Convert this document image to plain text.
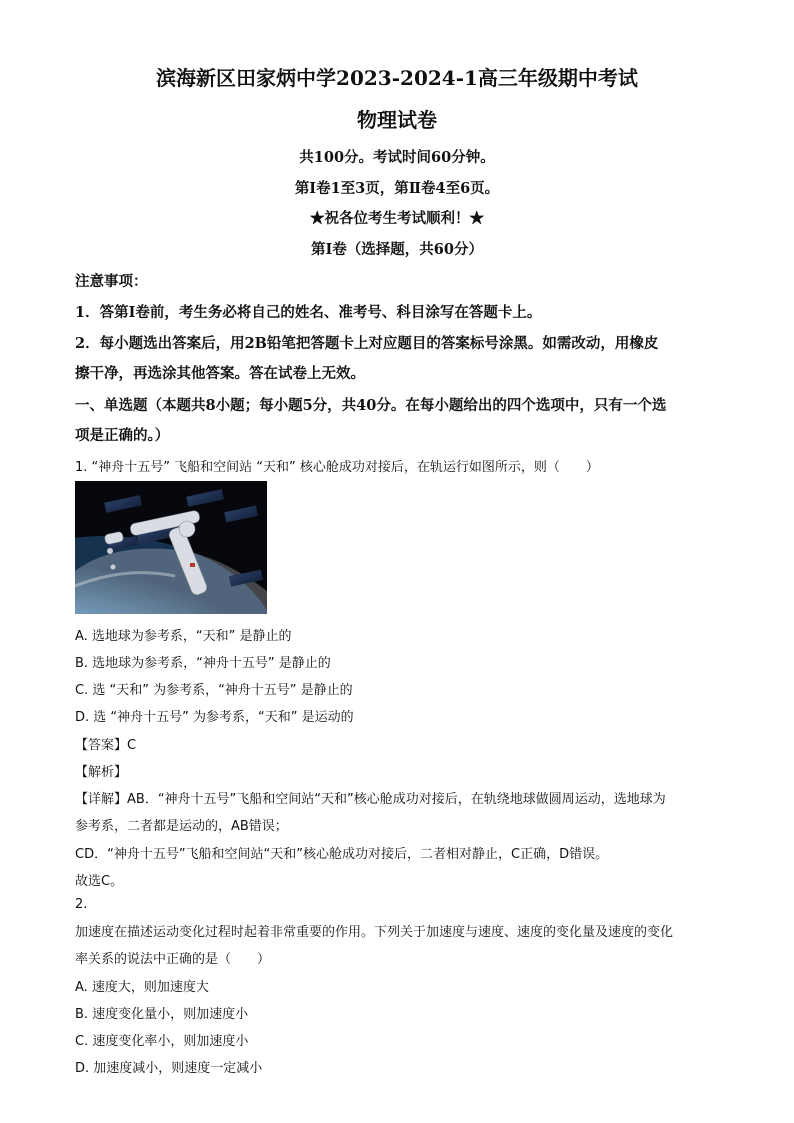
滨海新区田家炳中学2023-2024-1高三年级期中考试
物理试卷
共100分。考试时间60分钟。
第Ⅰ卷1至3页，第Ⅱ卷4至6页。
★祝各位考生考试顺利！★
第Ⅰ卷（选择题，共60分）
注意事项：
1．答第Ⅰ卷前，考生务必将自己的姓名、准考号、科目涂写在答题卡上。
2．每小题选出答案后，用2B铅笔把答题卡上对应题目的答案标号涂黑。如需改动，用橡皮
擦干净，再选涂其他答案。答在试卷上无效。
一、单选题（本题共8小题；每小题5分，共40分。在每小题给出的四个选项中，只有一个选
项是正确的。）
1. “神舟十五号” 飞船和空间站 “天和” 核心舱成功对接后，在轨运行如图所示，则（　　）
A. 选地球为参考系，“天和” 是静止的
B. 选地球为参考系，“神舟十五号” 是静止的
C. 选 “天和” 为参考系，“神舟十五号” 是静止的
D. 选 “神舟十五号” 为参考系，“天和” 是运动的
【答案】C
【解析】
【详解】AB．“神舟十五号”飞船和空间站“天和”核心舱成功对接后，在轨绕地球做圆周运动，选地球为
参考系，二者都是运动的，AB错误；
CD．“神舟十五号”飞船和空间站“天和”核心舱成功对接后，二者相对静止，C正确，D错误。
故选C。
2.
加速度在描述运动变化过程时起着非常重要的作用。下列关于加速度与速度、速度的变化量及速度的变化
率关系的说法中正确的是（　　）
A. 速度大，则加速度大
B. 速度变化量小，则加速度小
C. 速度变化率小，则加速度小
D. 加速度减小，则速度一定减小
